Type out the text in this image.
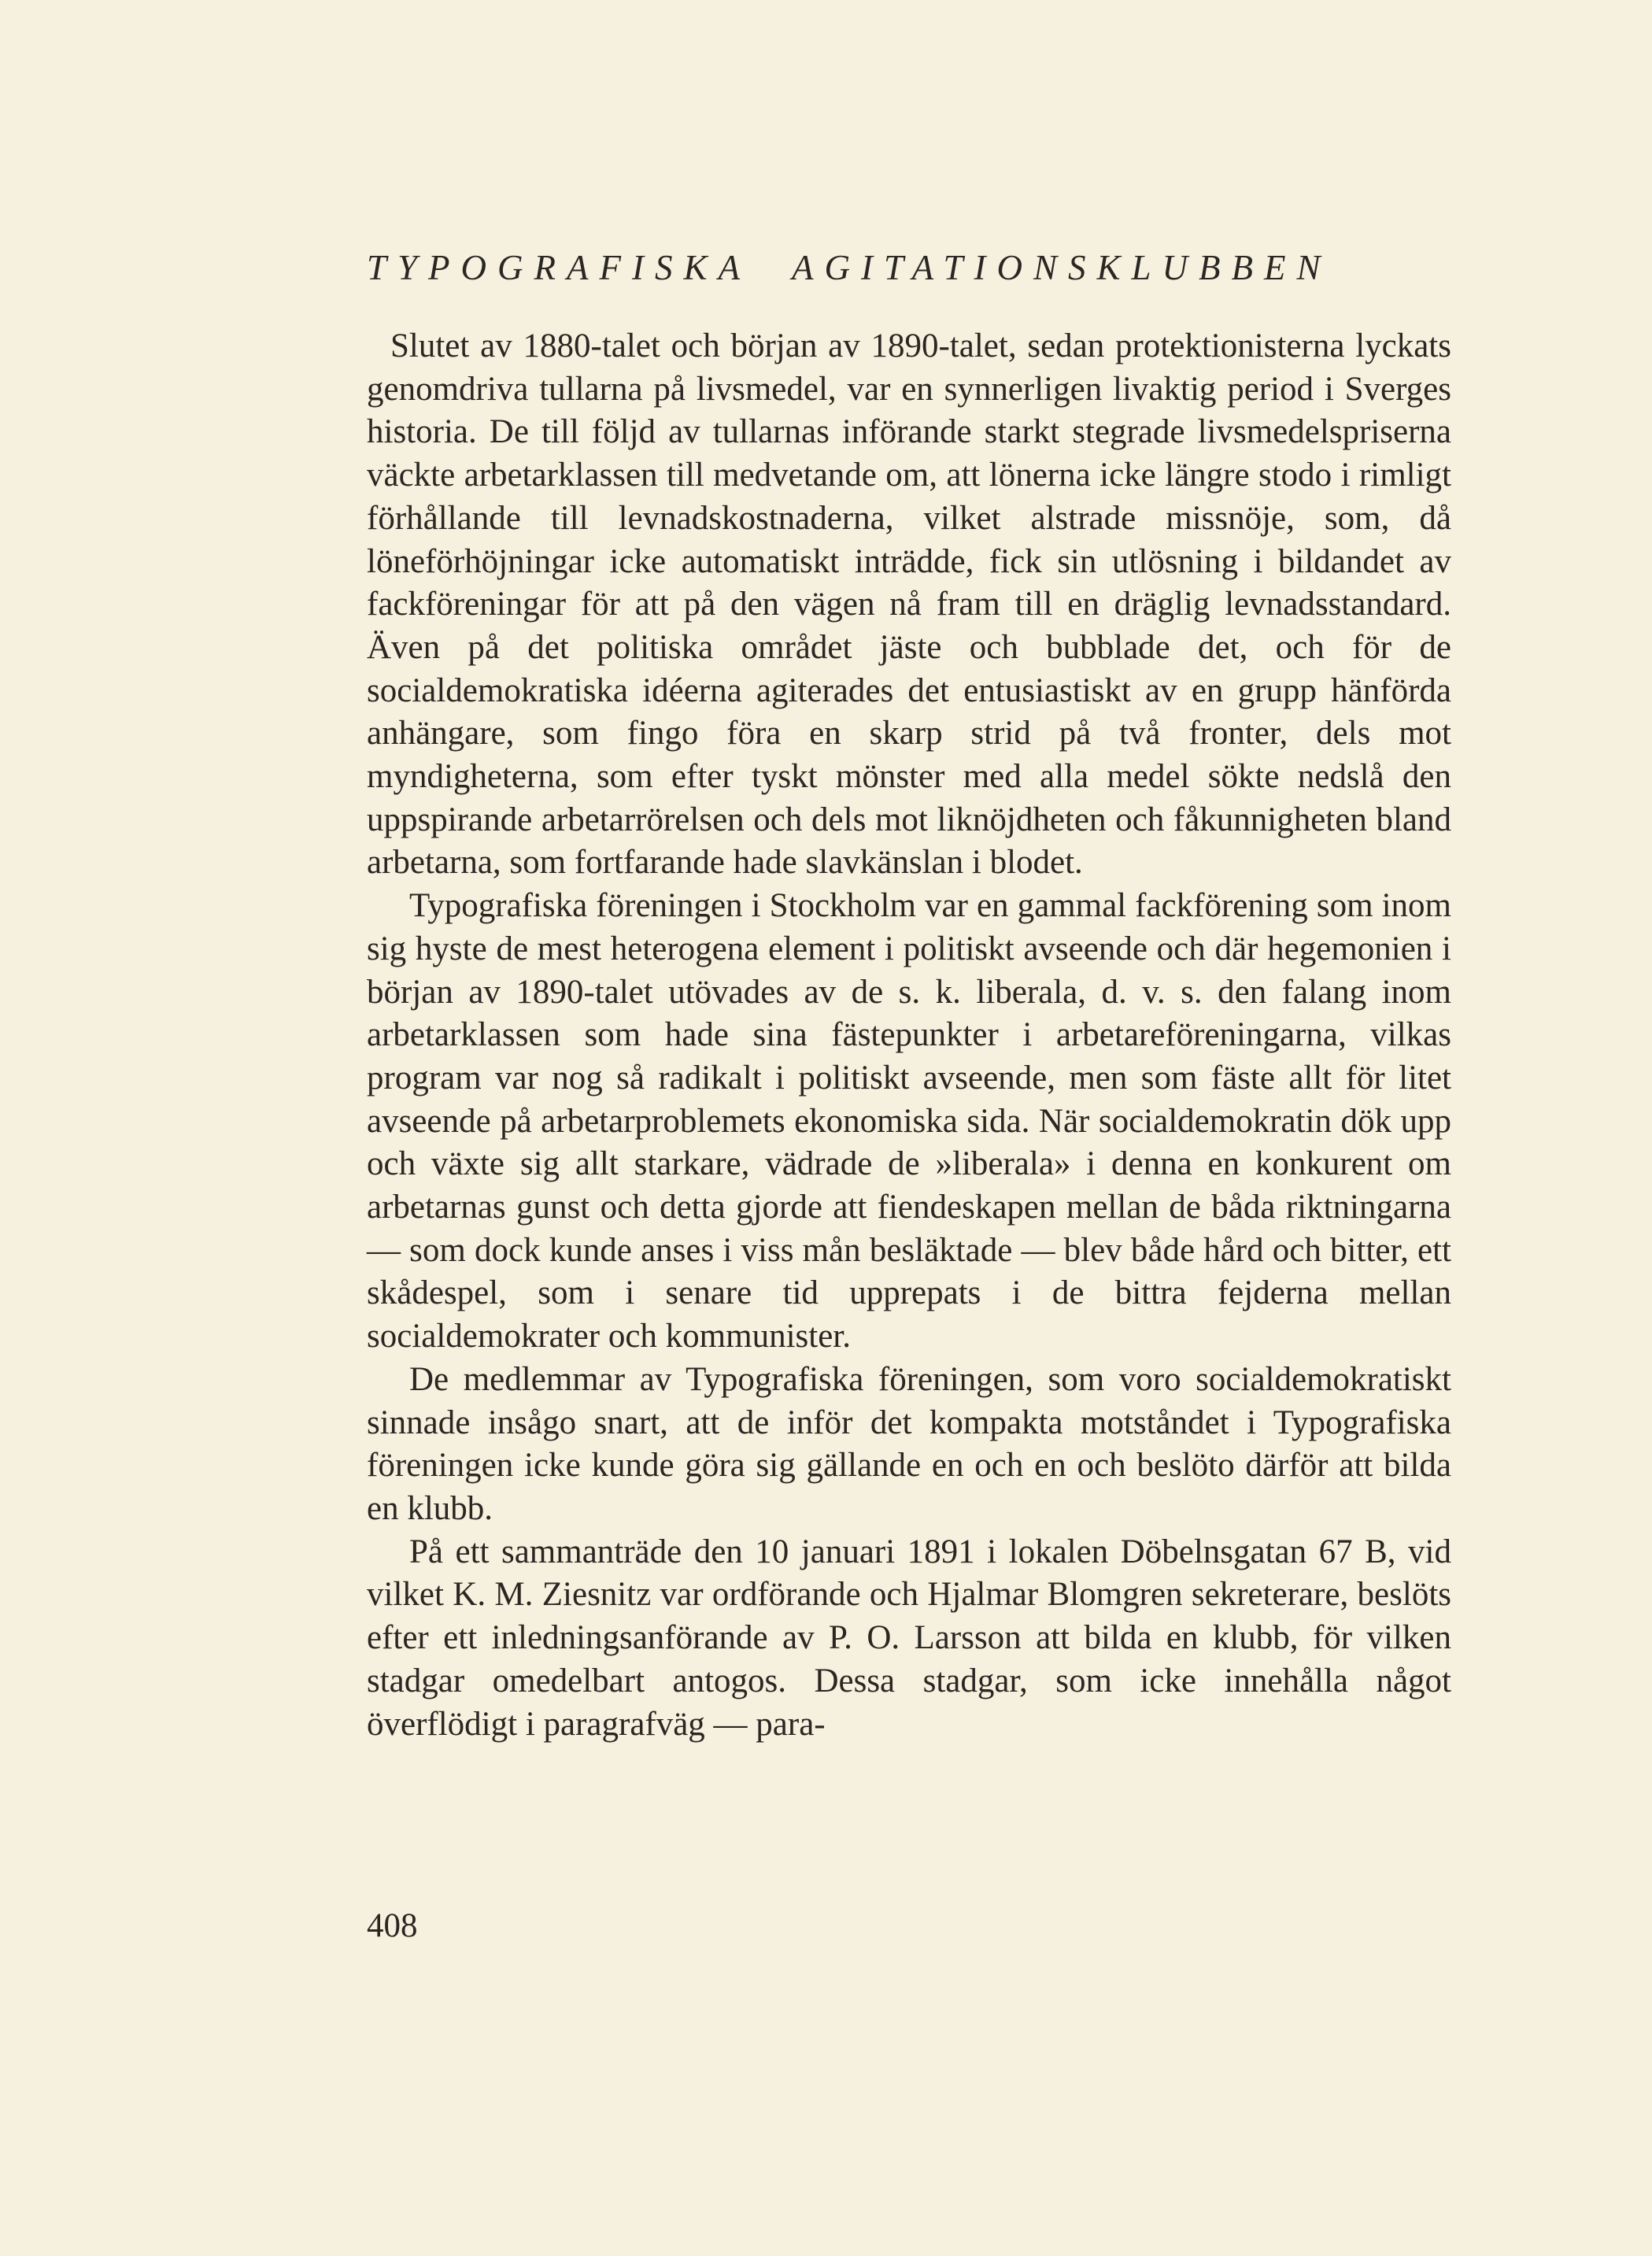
TYPOGRAFISKA AGITATIONSKLUBBEN

Slutet av 1880-talet och början av 1890-talet, sedan protektionisterna lyckats genomdriva tullarna på livsmedel, var en synnerligen livaktig period i Sverges historia. De till följd av tullarnas införande starkt stegrade livsmedelspriserna väckte arbetarklassen till medvetande om, att lönerna icke längre stodo i rimligt förhållande till levnadskostnaderna, vilket alstrade missnöje, som, då löneförhöjningar icke automatiskt inträdde, fick sin utlösning i bildandet av fackföreningar för att på den vägen nå fram till en dräglig levnadsstandard. Även på det politiska området jäste och bubblade det, och för de socialdemokratiska idéerna agiterades det entusiastiskt av en grupp hänförda anhängare, som fingo föra en skarp strid på två fronter, dels mot myndigheterna, som efter tyskt mönster med alla medel sökte nedslå den uppspirande arbetarrörelsen och dels mot liknöjdheten och fåkunnigheten bland arbetarna, som fortfarande hade slavkänslan i blodet.

Typografiska föreningen i Stockholm var en gammal fackförening som inom sig hyste de mest heterogena element i politiskt avseende och där hegemonien i början av 1890-talet utövades av de s. k. liberala, d. v. s. den falang inom arbetarklassen som hade sina fästepunkter i arbetareföreningarna, vilkas program var nog så radikalt i politiskt avseende, men som fäste allt för litet avseende på arbetarproblemets ekonomiska sida. När socialdemokratin dök upp och växte sig allt starkare, vädrade de »liberala» i denna en konkurent om arbetarnas gunst och detta gjorde att fiendeskapen mellan de båda riktningarna — som dock kunde anses i viss mån besläktade — blev både hård och bitter, ett skådespel, som i senare tid upprepats i de bittra fejderna mellan socialdemokrater och kommunister.

De medlemmar av Typografiska föreningen, som voro socialdemokratiskt sinnade insågo snart, att de inför det kompakta motståndet i Typografiska föreningen icke kunde göra sig gällande en och en och beslöto därför att bilda en klubb.

På ett sammanträde den 10 januari 1891 i lokalen Döbelnsgatan 67 B, vid vilket K. M. Ziesnitz var ordförande och Hjalmar Blomgren sekreterare, beslöts efter ett inledningsanförande av P. O. Larsson att bilda en klubb, för vilken stadgar omedelbart antogos. Dessa stadgar, som icke innehålla något överflödigt i paragrafväg — para-

408
